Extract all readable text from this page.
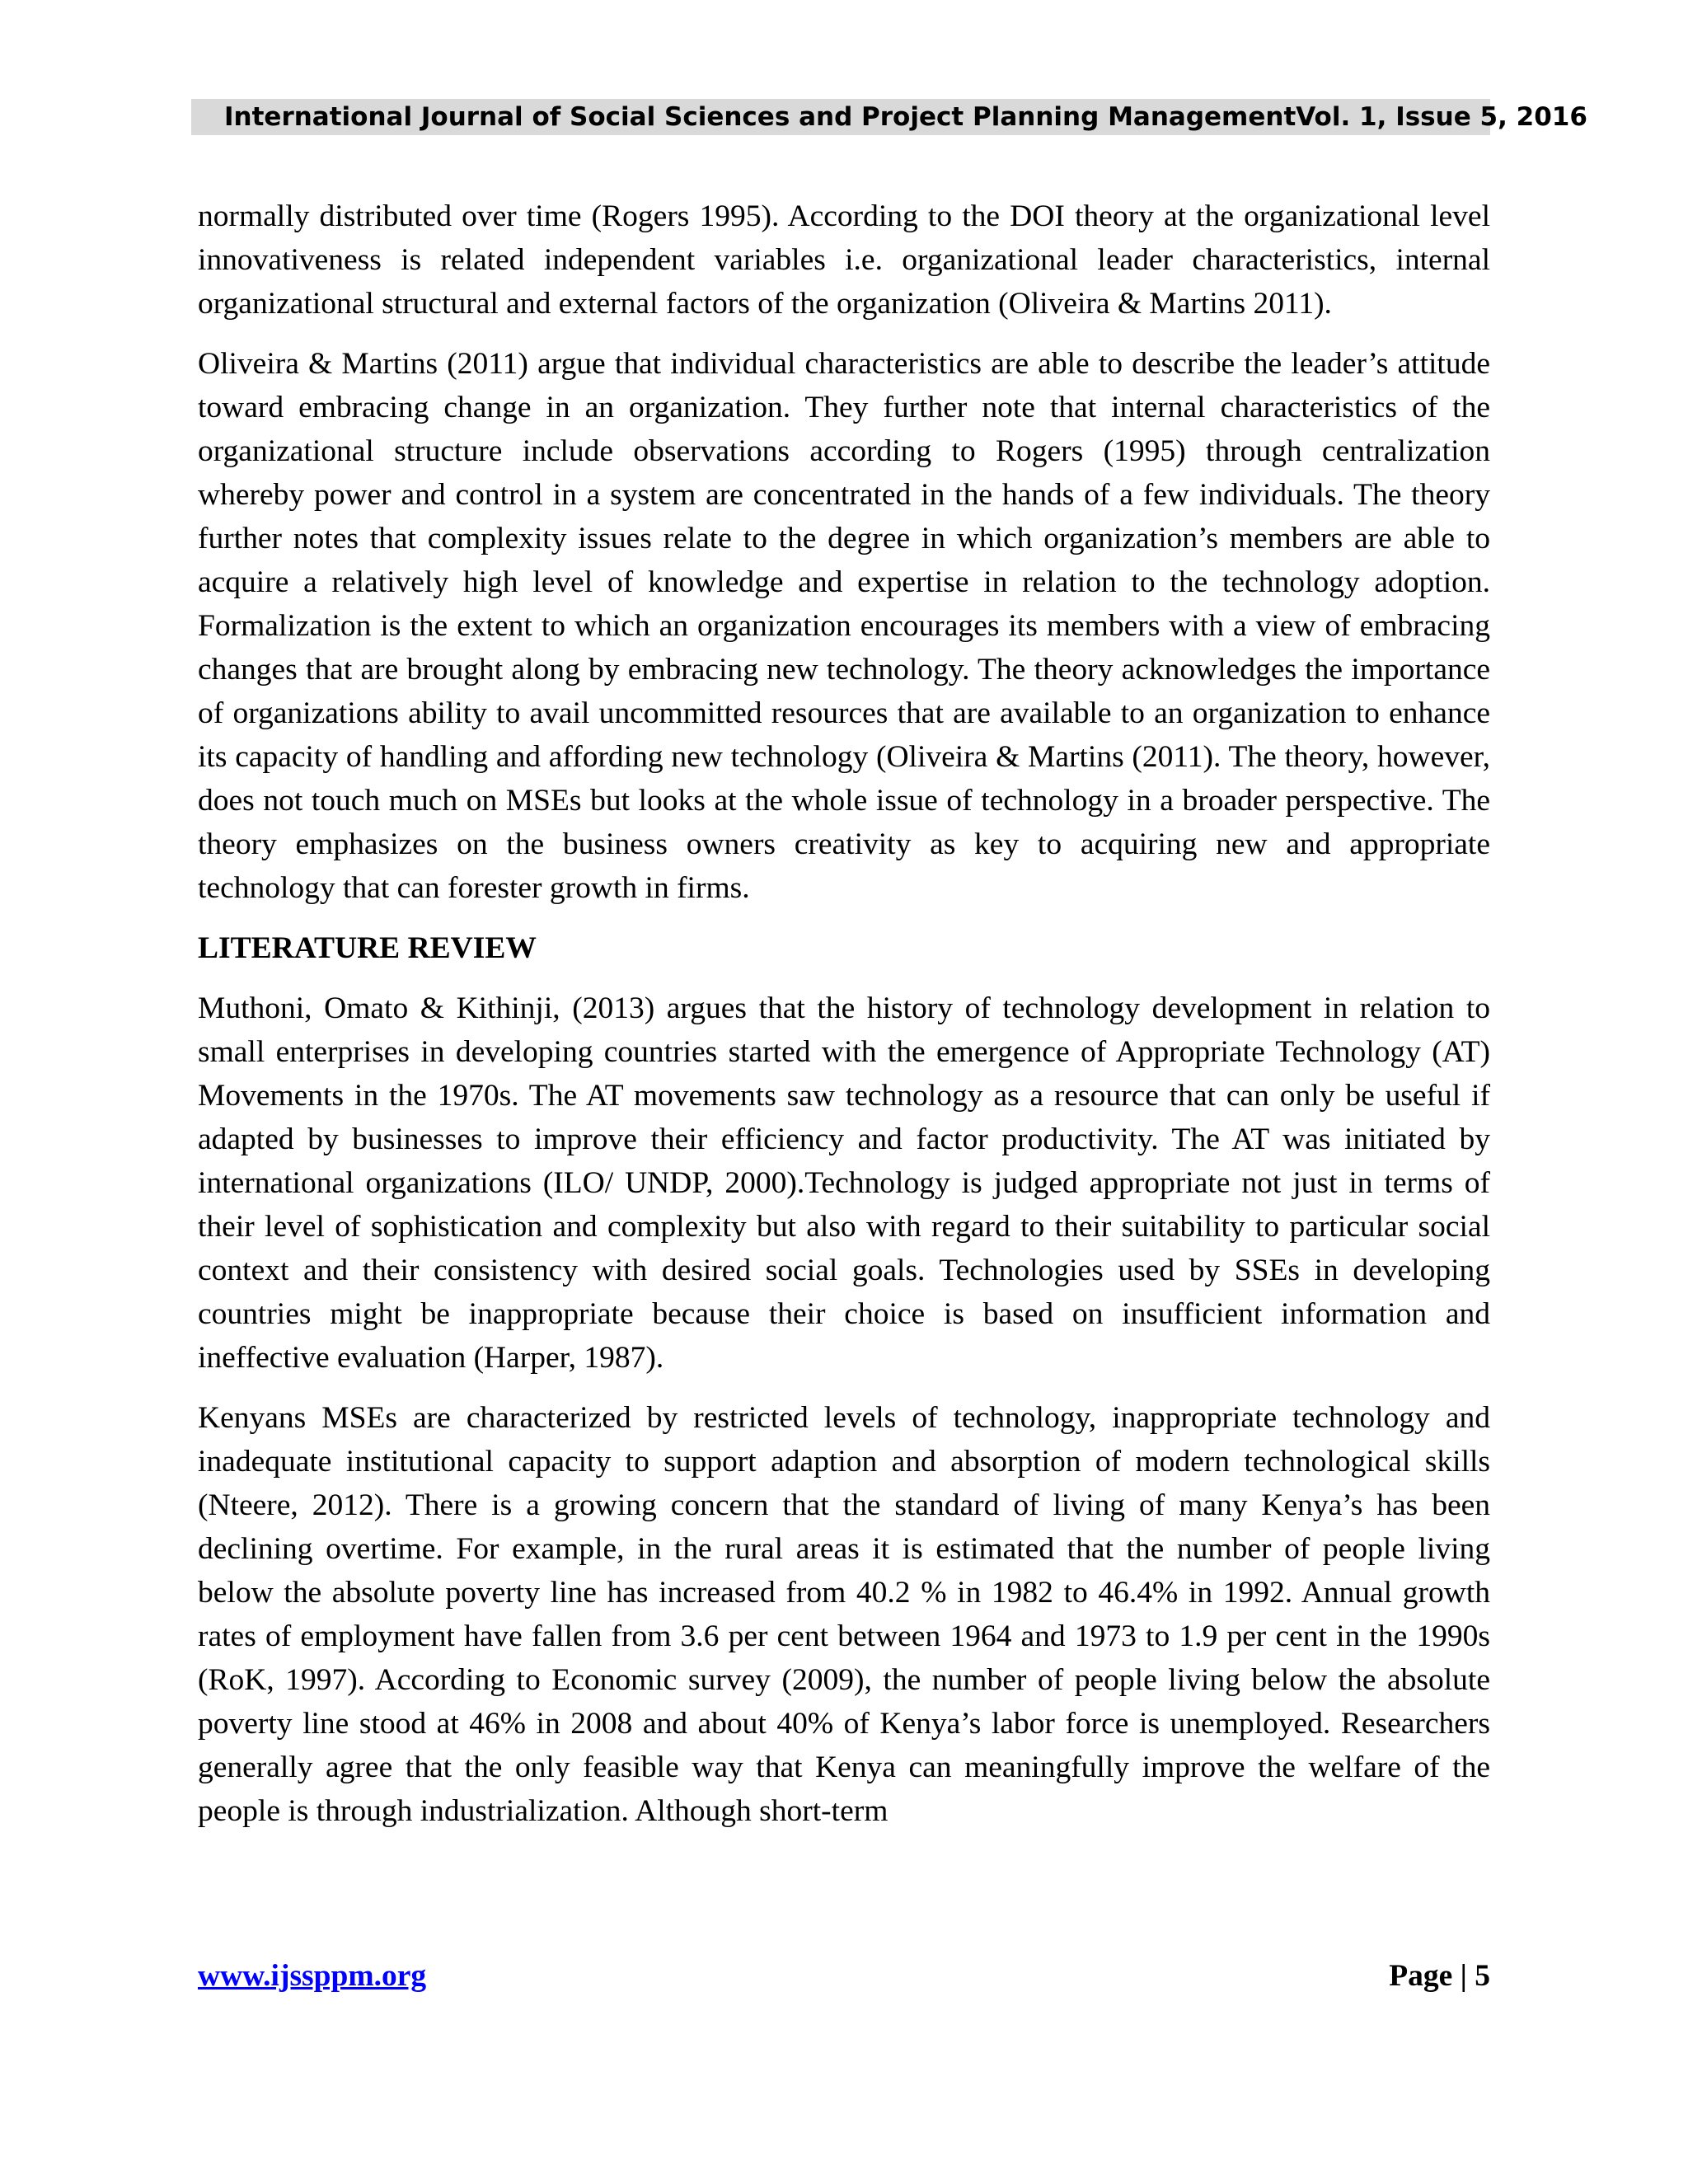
International Journal of Social Sciences and Project Planning Management Vol. 1, Issue 5, 2016

normally distributed over time (Rogers 1995). According to the DOI theory at the organizational level innovativeness is related independent variables i.e. organizational leader characteristics, internal organizational structural and external factors of the organization (Oliveira & Martins 2011).

Oliveira & Martins (2011) argue that individual characteristics are able to describe the leader’s attitude toward embracing change in an organization. They further note that internal characteristics of the organizational structure include observations according to Rogers (1995) through centralization whereby power and control in a system are concentrated in the hands of a few individuals. The theory further notes that complexity issues relate to the degree in which organization’s members are able to acquire a relatively high level of knowledge and expertise in relation to the technology adoption. Formalization is the extent to which an organization encourages its members with a view of embracing changes that are brought along by embracing new technology. The theory acknowledges the importance of organizations ability to avail uncommitted resources that are available to an organization to enhance its capacity of handling and affording new technology (Oliveira & Martins (2011). The theory, however, does not touch much on MSEs but looks at the whole issue of technology in a broader perspective. The theory emphasizes on the business owners creativity as key to acquiring new and appropriate technology that can forester growth in firms.

LITERATURE REVIEW

Muthoni, Omato & Kithinji, (2013) argues that the history of technology development in relation to small enterprises in developing countries started with the emergence of Appropriate Technology (AT) Movements in the 1970s. The AT movements saw technology as a resource that can only be useful if adapted by businesses to improve their efficiency and factor productivity. The AT was initiated by international organizations (ILO/ UNDP, 2000).Technology is judged appropriate not just in terms of their level of sophistication and complexity but also with regard to their suitability to particular social context and their consistency with desired social goals. Technologies used by SSEs in developing countries might be inappropriate because their choice is based on insufficient information and ineffective evaluation (Harper, 1987).

Kenyans MSEs are characterized by restricted levels of technology, inappropriate technology and inadequate institutional capacity to support adaption and absorption of modern technological skills (Nteere, 2012). There is a growing concern that the standard of living of many Kenya’s has been declining overtime. For example, in the rural areas it is estimated that the number of people living below the absolute poverty line has increased from 40.2 % in 1982 to 46.4% in 1992. Annual growth rates of employment have fallen from 3.6 per cent between 1964 and 1973 to 1.9 per cent in the 1990s (RoK, 1997). According to Economic survey (2009), the number of people living below the absolute poverty line stood at 46% in 2008 and about 40% of Kenya’s labor force is unemployed. Researchers generally agree that the only feasible way that Kenya can meaningfully improve the welfare of the people is through industrialization. Although short-term

www.ijssppm.org	Page | 5
